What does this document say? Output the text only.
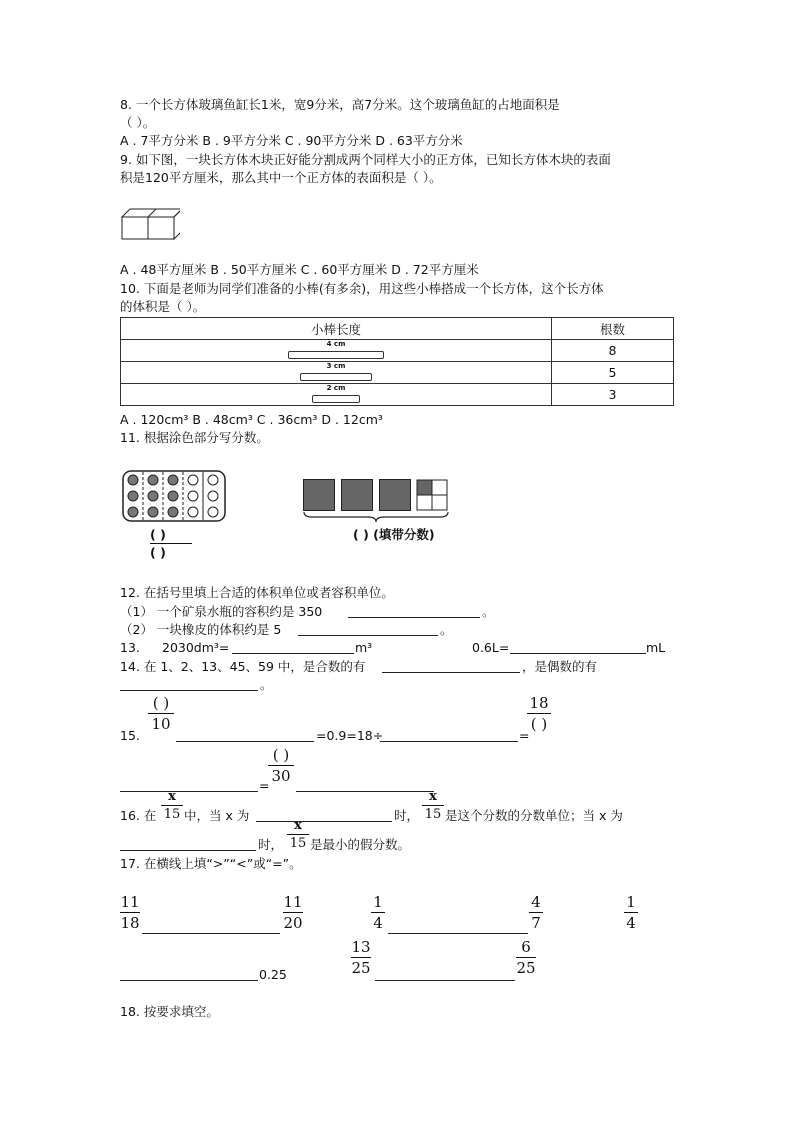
8. 一个长方体玻璃鱼缸长1米，宽9分米，高7分米。这个玻璃鱼缸的占地面积是
（ ）。
A . 7平方分米 B . 9平方分米 C . 90平方分米 D . 63平方分米
9. 如下图，一块长方体木块正好能分割成两个同样大小的正方体，已知长方体木块的表面
积是120平方厘米，那么其中一个正方体的表面积是（ ）。
A . 48平方厘米 B . 50平方厘米 C . 60平方厘米 D . 72平方厘米
10. 下面是老师为同学们准备的小棒(有多余)，用这些小棒搭成一个长方体，这个长方体
的体积是（ ）。
小棒长度	根数

4 cm	8

3 cm	5

2 cm	3
A . 120cm³ B . 48cm³ C . 36cm³ D . 12cm³
11. 根据涂色部分写分数。
( )
( )
( ) (填带分数)
12. 在括号里填上合适的体积单位或者容积单位。
（1） 一个矿泉水瓶的容积约是 350	。
（2） 一块橡皮的体积约是 5	。
13. 2030dm³=	m³	0.6L=	mL
14. 在 1、2、13、45、59 中，是合数的有	，是偶数的有
。
( )
10
15.	=0.9=18÷	=
18
( )
=
( )
30
16. 在
x
15 中，当 x 为	时，
x
15 是这个分数的分数单位；当 x 为
时，
x
15 是最小的假分数。
17. 在横线上填“>”“<”或“=”。
11
18
11
20
1
4
4
7
1
4
0.25
13
25
6
25
18. 按要求填空。
